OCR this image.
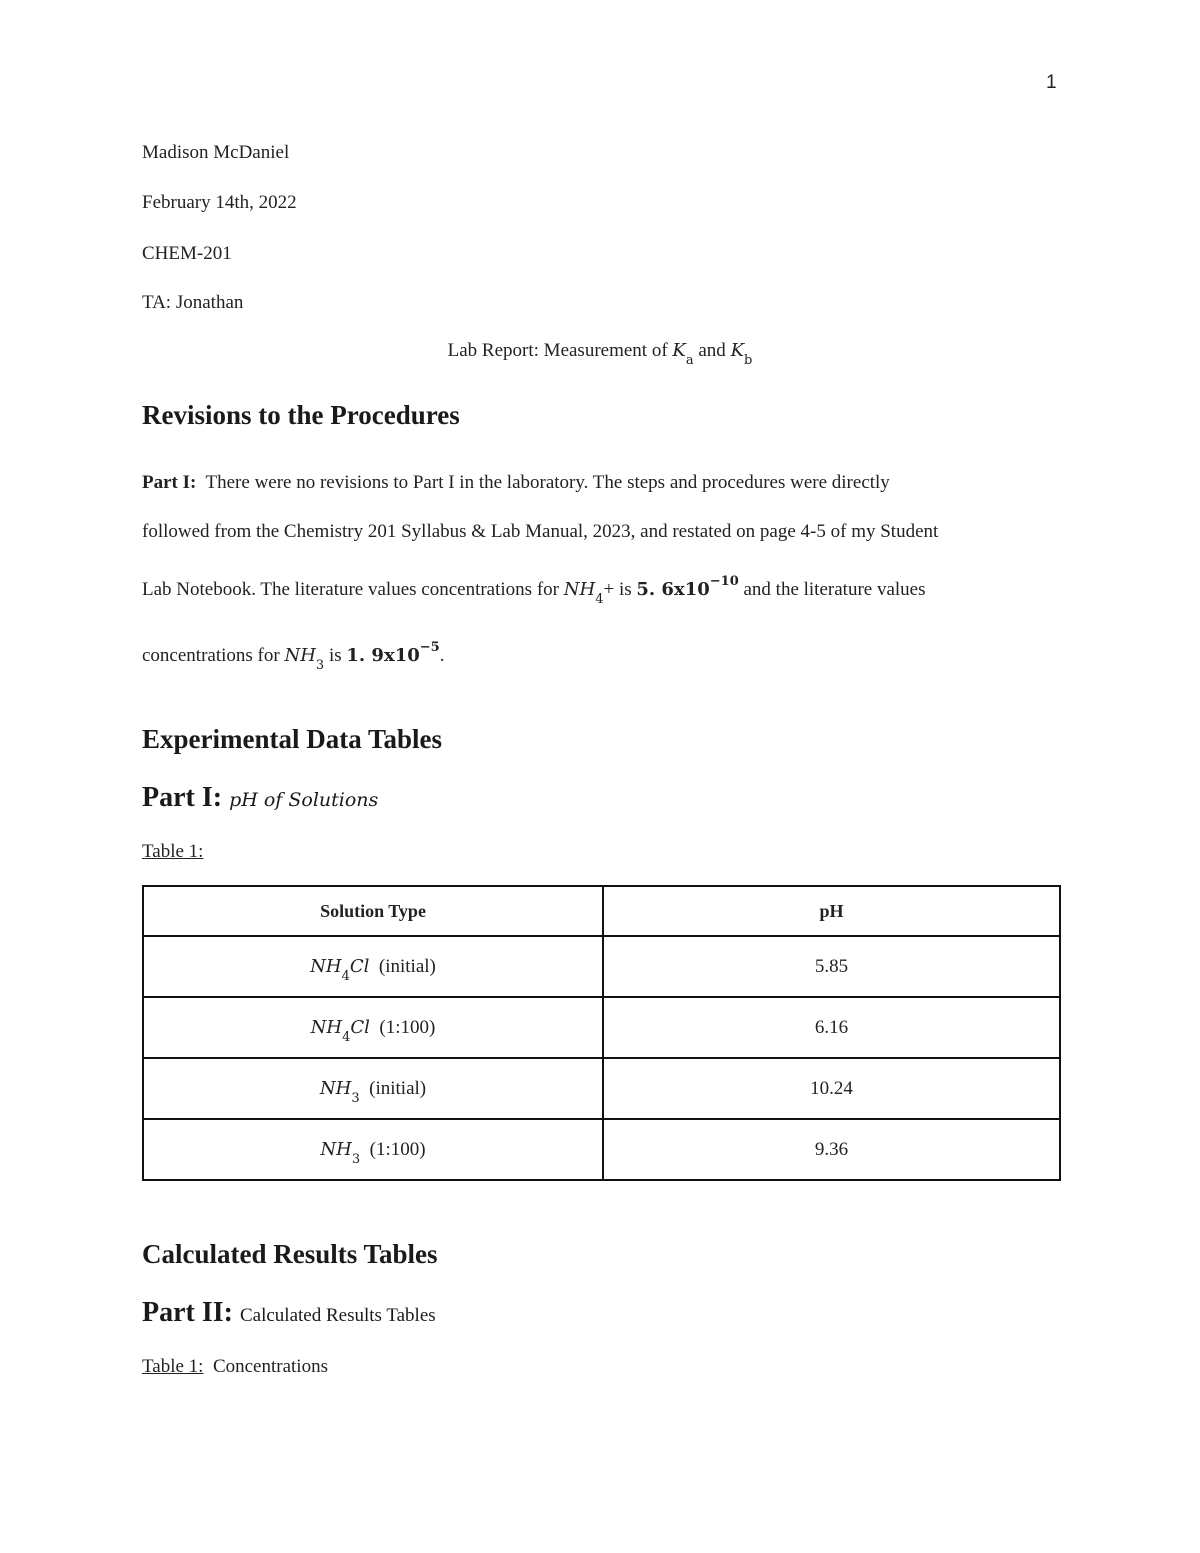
1
Madison McDaniel
February 14th, 2022
CHEM-201
TA: Jonathan
Lab Report: Measurement of $K_a$ and $K_b$
Revisions to the Procedures
Part I: There were no revisions to Part I in the laboratory. The steps and procedures were directly
followed from the Chemistry 201 Syllabus & Lab Manual, 2023, and restated on page 4-5 of my Student
Lab Notebook. The literature values concentrations for $NH_4+$ is 5. $6x10^{-10}$ and the literature values
concentrations for $NH_3$ is 1. $9x10^{-5}$.
Experimental Data Tables
Part I: pH of Solutions
Table 1:
Solution Type	pH
$NH_4Cl$ (initial)	5.85
$NH_4Cl$ (1:100)	6.16
$NH_3$ (initial)	10.24
$NH_3$ (1:100)	9.36
Calculated Results Tables
Part II: Calculated Results Tables
Table 1: Concentrations
